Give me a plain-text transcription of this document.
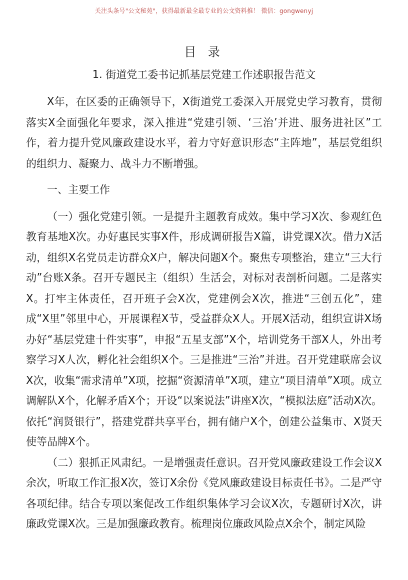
关注头条号"公文秘苑"，获得最新最全最专业的公文资料推！ 微信：gongwenyj
目 录
1. 街道党工委书记抓基层党建工作述职报告范文

X年，在区委的正确领导下，X街道党工委深入开展党史学习教育，贯彻落实X全面强化年要求，深入推进“党建引领、‘三治’并进、服务进社区”工作，着力提升党风廉政建设水平，着力守好意识形态“主阵地”，基层党组织的组织力、凝聚力、战斗力不断增强。

一、主要工作

（一）强化党建引领。一是提升主题教育成效。集中学习X次、参观红色教育基地X次。办好惠民实事X件，形成调研报告X篇，讲党课X次。借力X活动，组织X名党员走访群众X户，解决问题X个。聚焦专项整治，建立“三大行动”台账X条。召开专题民主（组织）生活会，对标对表剖析问题。二是落实X。打牢主体责任，召开班子会X次，党建例会X次，推进“三创五化”，建成“X里”邻里中心，开展课程X节，受益群众X人。开展X活动，组织宣讲X场办好“基层党建十件实事”，申报“五星支部”X个，培训党务干部X人，外出考察学习X人次，孵化社会组织X个。三是推进“三治”并进。召开党建联席会议X次，收集“需求清单”X项，挖掘“资源清单”X项，建立“项目清单”X项。成立调解队X个，化解矛盾X个；开设“以案说法”讲座X次，“模拟法庭”活动X次。依托“润贤银行”，搭建党群共享平台，拥有储户X个，创建公益集市、X贤天使等品牌X个。

（二）狠抓正风肃纪。一是增强责任意识。召开党风廉政建设工作会议X余次，听取工作汇报X次，签订X余份《党风廉政建设目标责任书》。二是严守各项纪律。结合专项以案促改工作组织集体学习会议X次，专题研讨X次，讲廉政党课X次。三是加强廉政教育。梳理岗位廉政风险点X余个，制定风险
